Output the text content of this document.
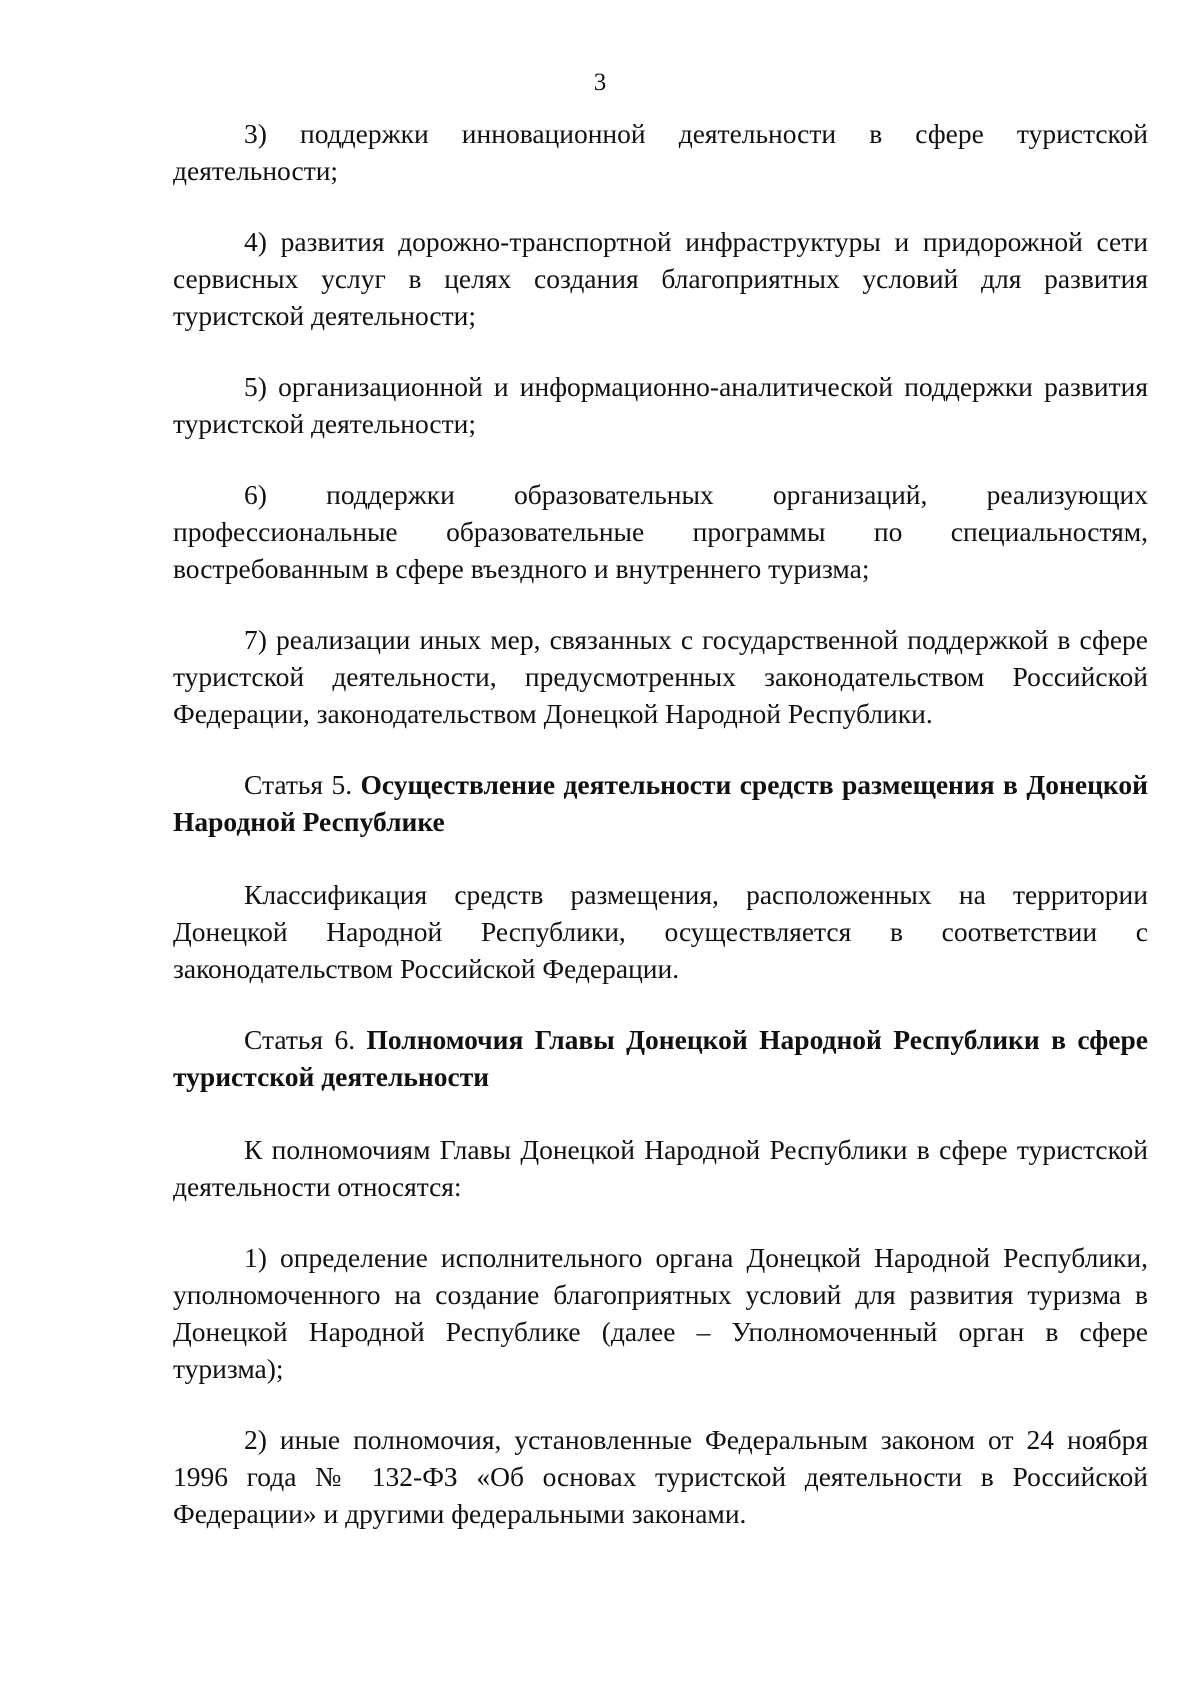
3

3) поддержки инновационной деятельности в сфере туристской деятельности;

4) развития дорожно-транспортной инфраструктуры и придорожной сети сервисных услуг в целях создания благоприятных условий для развития туристской деятельности;

5) организационной и информационно-аналитической поддержки развития туристской деятельности;

6) поддержки образовательных организаций, реализующих профессиональные образовательные программы по специальностям, востребованным в сфере въездного и внутреннего туризма;

7) реализации иных мер, связанных с государственной поддержкой в сфере туристской деятельности, предусмотренных законодательством Российской Федерации, законодательством Донецкой Народной Республики.

Статья 5. Осуществление деятельности средств размещения в Донецкой Народной Республике

Классификация средств размещения, расположенных на территории Донецкой Народной Республики, осуществляется в соответствии с законодательством Российской Федерации.

Статья 6. Полномочия Главы Донецкой Народной Республики в сфере туристской деятельности

К полномочиям Главы Донецкой Народной Республики в сфере туристской деятельности относятся:

1) определение исполнительного органа Донецкой Народной Республики, уполномоченного на создание благоприятных условий для развития туризма в Донецкой Народной Республике (далее – Уполномоченный орган в сфере туризма);

2) иные полномочия, установленные Федеральным законом от 24 ноября 1996 года № 132-ФЗ «Об основах туристской деятельности в Российской Федерации» и другими федеральными законами.
